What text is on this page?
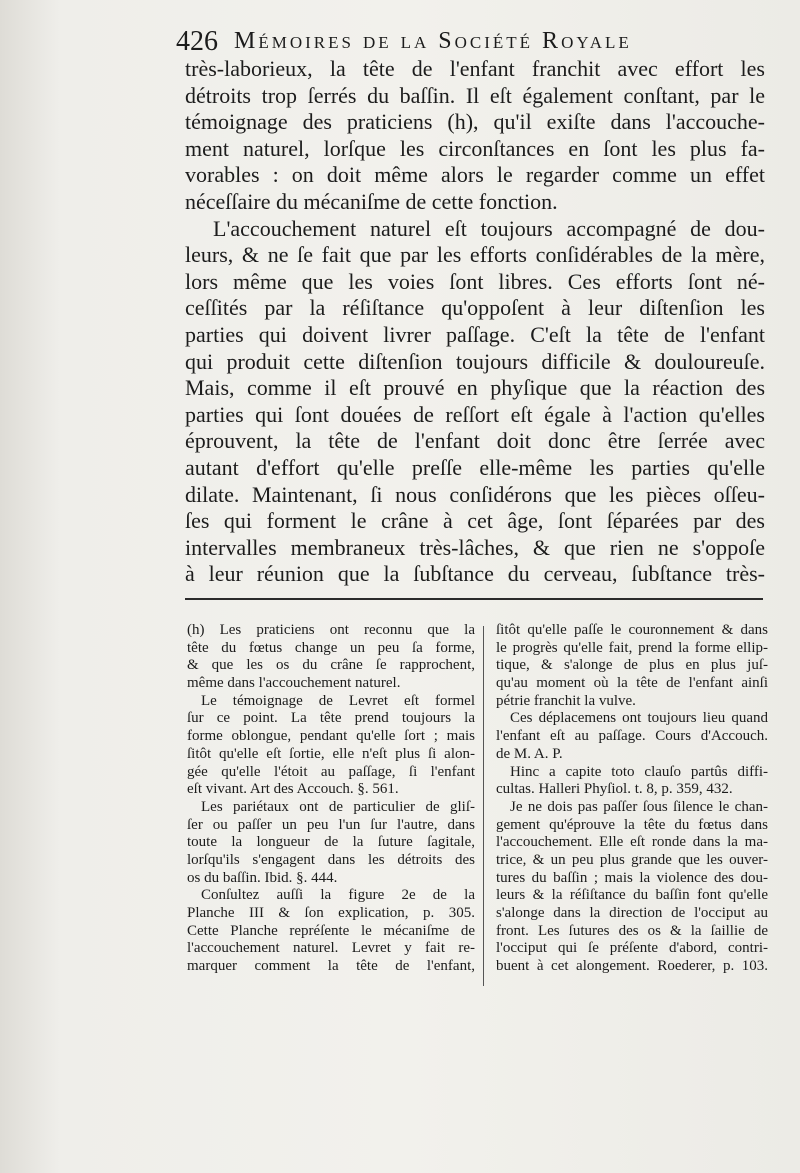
426 Mémoires de la Société Royale
très-laborieux, la tête de l'enfant franchit avec effort les
détroits trop ſerrés du baſſin. Il eſt également conſtant, par le
témoignage des praticiens (h), qu'il exiſte dans l'accouche-
ment naturel, lorſque les circonſtances en ſont les plus fa-
vorables : on doit même alors le regarder comme un effet
néceſſaire du mécaniſme de cette fonction.
L'accouchement naturel eſt toujours accompagné de dou-
leurs, & ne ſe fait que par les efforts conſidérables de la mère,
lors même que les voies ſont libres. Ces efforts ſont né-
ceſſités par la réſiſtance qu'oppoſent à leur diſtenſion les
parties qui doivent livrer paſſage. C'eſt la tête de l'enfant
qui produit cette diſtenſion toujours difficile & douloureuſe.
Mais, comme il eſt prouvé en phyſique que la réaction des
parties qui ſont douées de reſſort eſt égale à l'action qu'elles
éprouvent, la tête de l'enfant doit donc être ſerrée avec
autant d'effort qu'elle preſſe elle-même les parties qu'elle
dilate. Maintenant, ſi nous conſidérons que les pièces oſſeu-
ſes qui forment le crâne à cet âge, ſont ſéparées par des
intervalles membraneux très-lâches, & que rien ne s'oppoſe
à leur réunion que la ſubſtance du cerveau, ſubſtance très-
(h) Les praticiens ont reconnu que la
tête du fœtus change un peu ſa forme,
& que les os du crâne ſe rapprochent,
même dans l'accouchement naturel.
Le témoignage de Levret eſt formel
ſur ce point. La tête prend toujours la
forme oblongue, pendant qu'elle ſort ; mais
ſitôt qu'elle eſt ſortie, elle n'eſt plus ſi alon-
gée qu'elle l'étoit au paſſage, ſi l'enfant
eſt vivant. Art des Accouch. §. 561.
Les pariétaux ont de particulier de gliſ-
ſer ou paſſer un peu l'un ſur l'autre, dans
toute la longueur de la ſuture ſagitale,
lorſqu'ils s'engagent dans les détroits des
os du baſſin. Ibid. §. 444.
Conſultez auſſi la figure 2e de la
Planche III & ſon explication, p. 305.
Cette Planche repréſente le mécaniſme de
l'accouchement naturel. Levret y fait re-
marquer comment la tête de l'enfant,
ſitôt qu'elle paſſe le couronnement & dans
le progrès qu'elle fait, prend la forme ellip-
tique, & s'alonge de plus en plus juſ-
qu'au moment où la tête de l'enfant ainſi
pétrie franchit la vulve.
Ces déplacemens ont toujours lieu quand
l'enfant eſt au paſſage. Cours d'Accouch.
de M. A. P.
Hinc a capite toto clauſo partûs diffi-
cultas. Halleri Phyſiol. t. 8, p. 359, 432.
Je ne dois pas paſſer ſous ſilence le chan-
gement qu'éprouve la tête du fœtus dans
l'accouchement. Elle eſt ronde dans la ma-
trice, & un peu plus grande que les ouver-
tures du baſſin ; mais la violence des dou-
leurs & la réſiſtance du baſſin font qu'elle
s'alonge dans la direction de l'occiput au
front. Les ſutures des os & la ſaillie de
l'occiput qui ſe préſente d'abord, contri-
buent à cet alongement. Roederer, p. 103.
